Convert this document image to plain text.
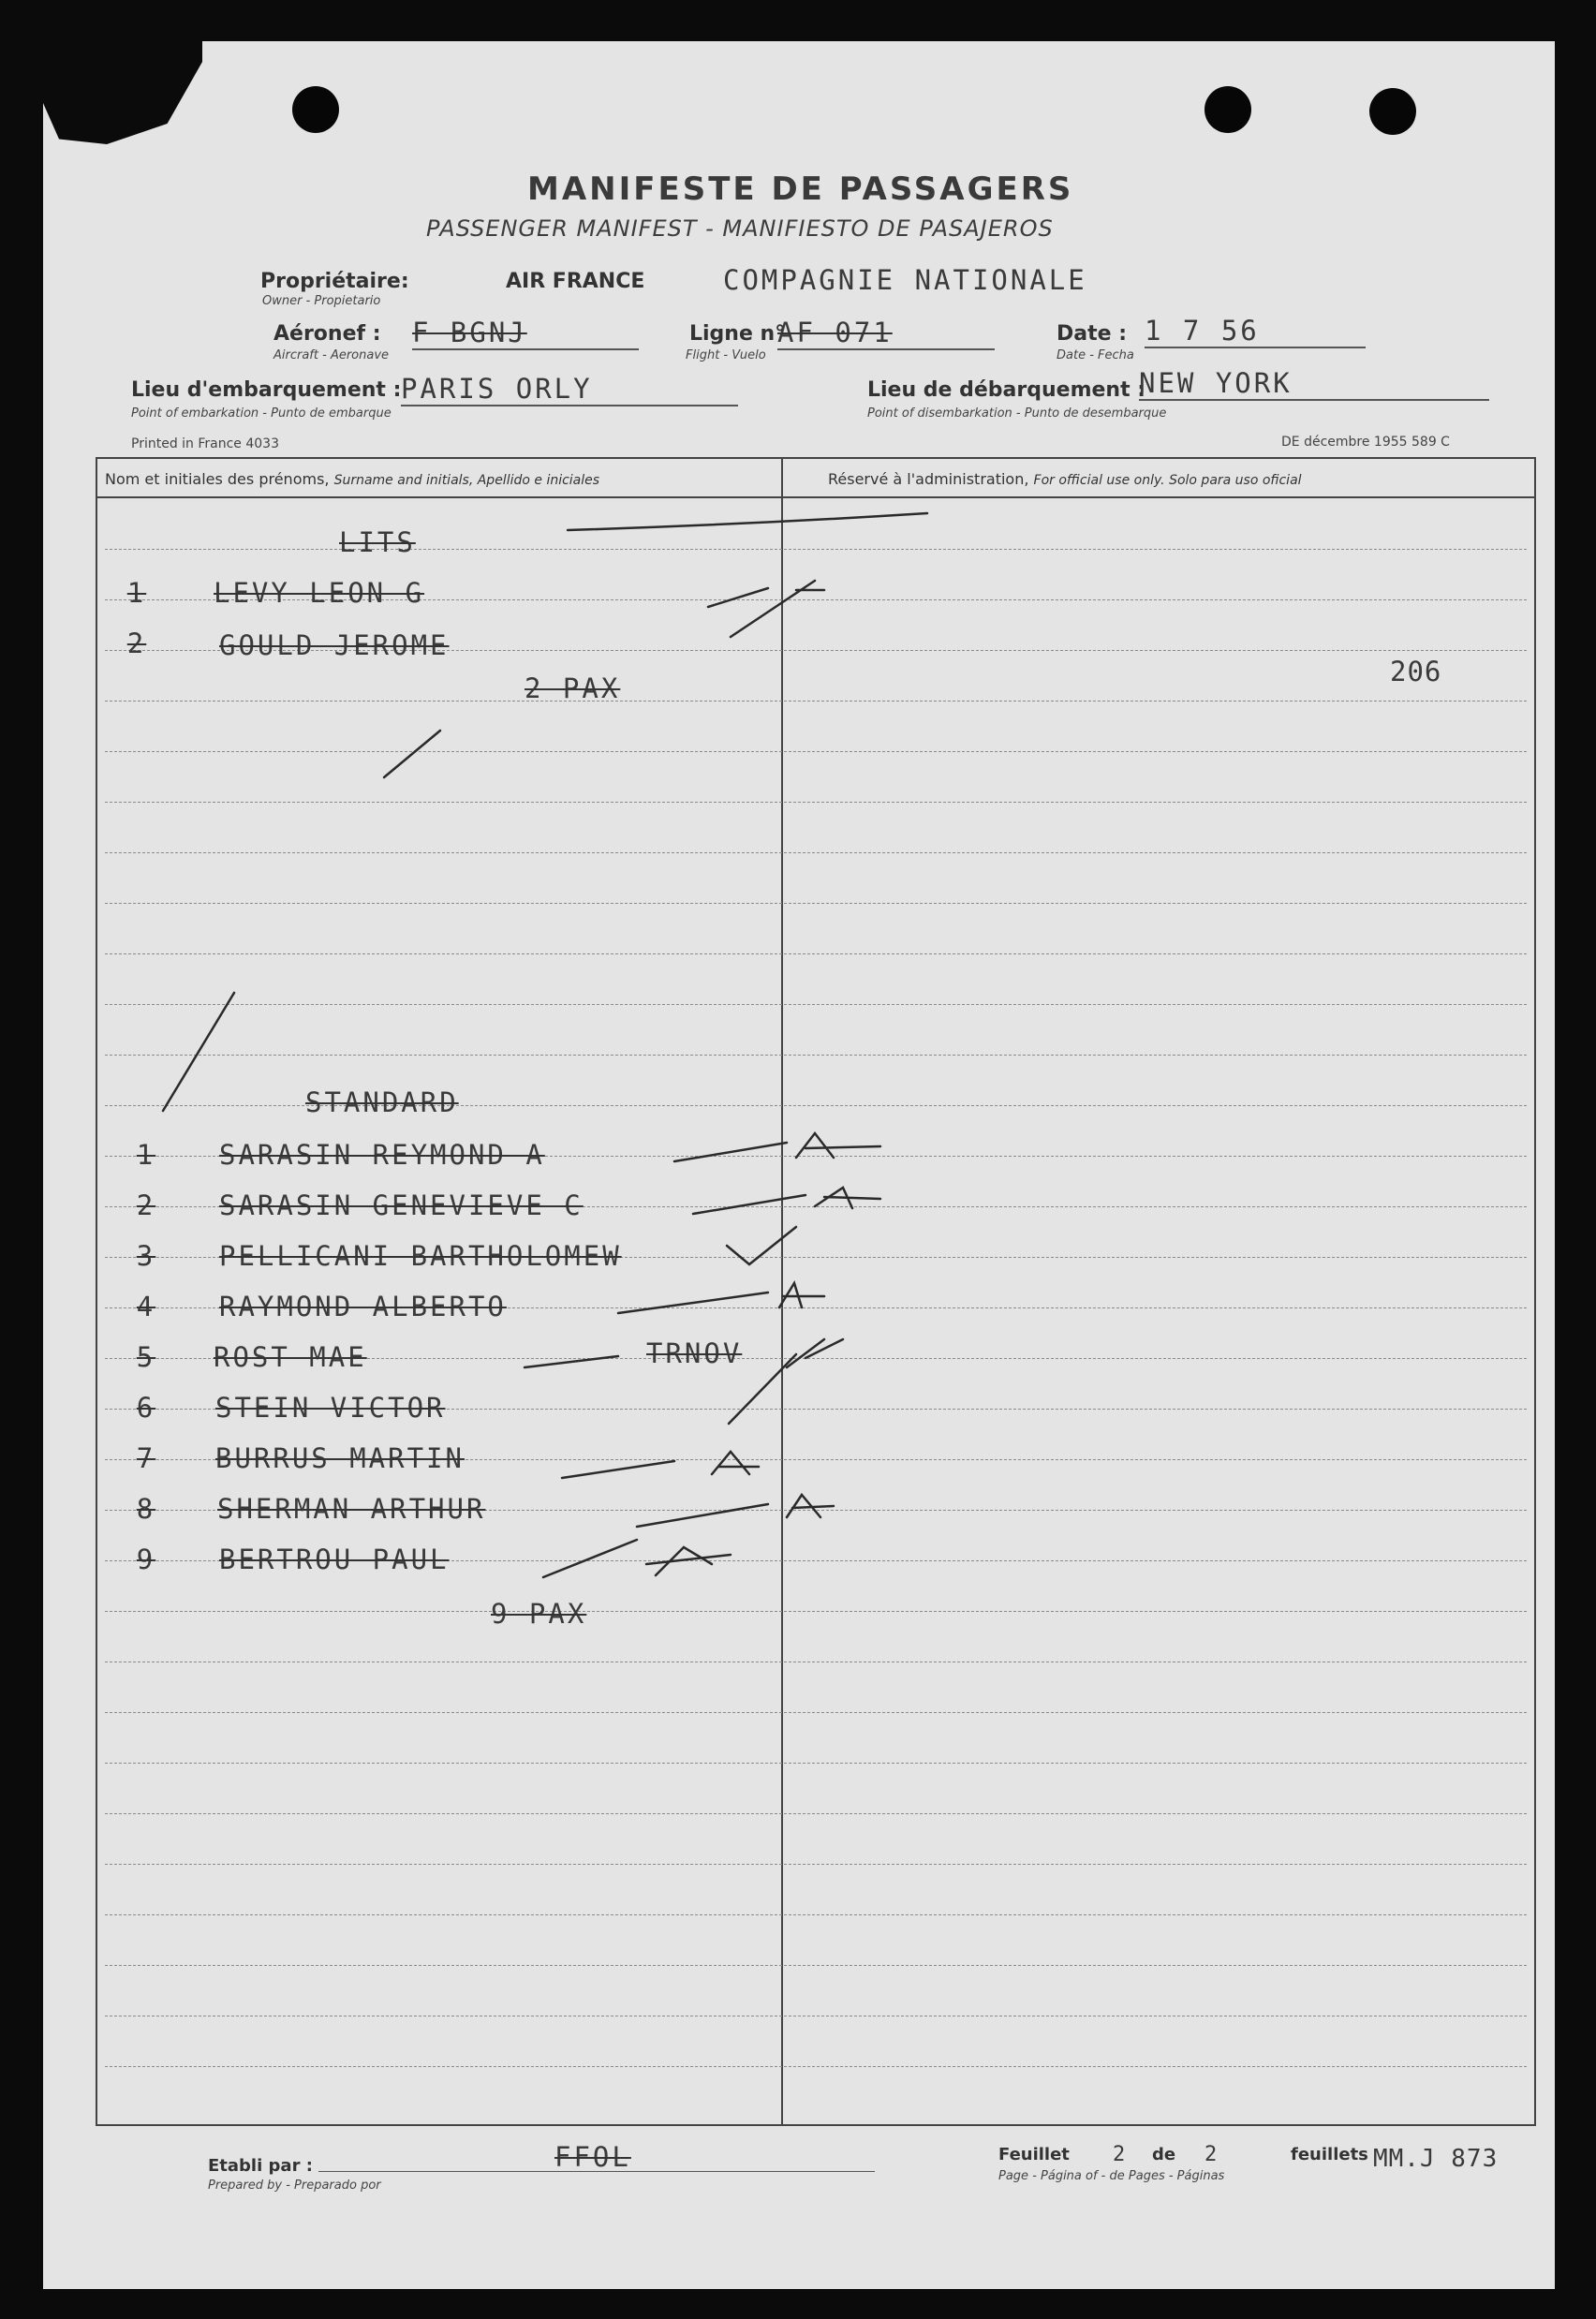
MANIFESTE DE PASSAGERS
PASSENGER MANIFEST - MANIFIESTO DE PASAJEROS
Propriétaire:	AIR FRANCE
Owner - Propietario
COMPAGNIE NATIONALE
Aéronef : F BGNJ
Aircraft - Aeronave
Ligne n°
AF 071
Flight - Vuelo
Date : 1 7 56
Date - Fecha
Lieu d'embarquement : PARIS ORLY
Point of embarkation - Punto de embarque
Lieu de débarquement :
NEW YORK
Point of disembarkation - Punto de desembarque
Printed in France 4033	DE décembre 1955 589 C
Nom et initiales des prénoms, Surname and initials, Apellido e iniciales	Réservé à l'administration, For official use only. Solo para uso oficial
LITS
1	LEVY LEON G
2	GOULD JEROME
2 PAX
206
STANDARD
1	SARASIN REYMOND A
2	SARASIN GENEVIEVE C
3	PELLICANI BARTHOLOMEW
4	RAYMOND ALBERTO
5	ROST MAE	TRNOV
6	STEIN VICTOR
7	BURRUS MARTIN
8	SHERMAN ARTHUR
9	BERTROU PAUL
9 PAX
Etabli par :
Prepared by - Preparado por
FFOL	Feuillet 2 de 2	feuillets
Page - Página of - de Pages - Páginas
MM.J 873
